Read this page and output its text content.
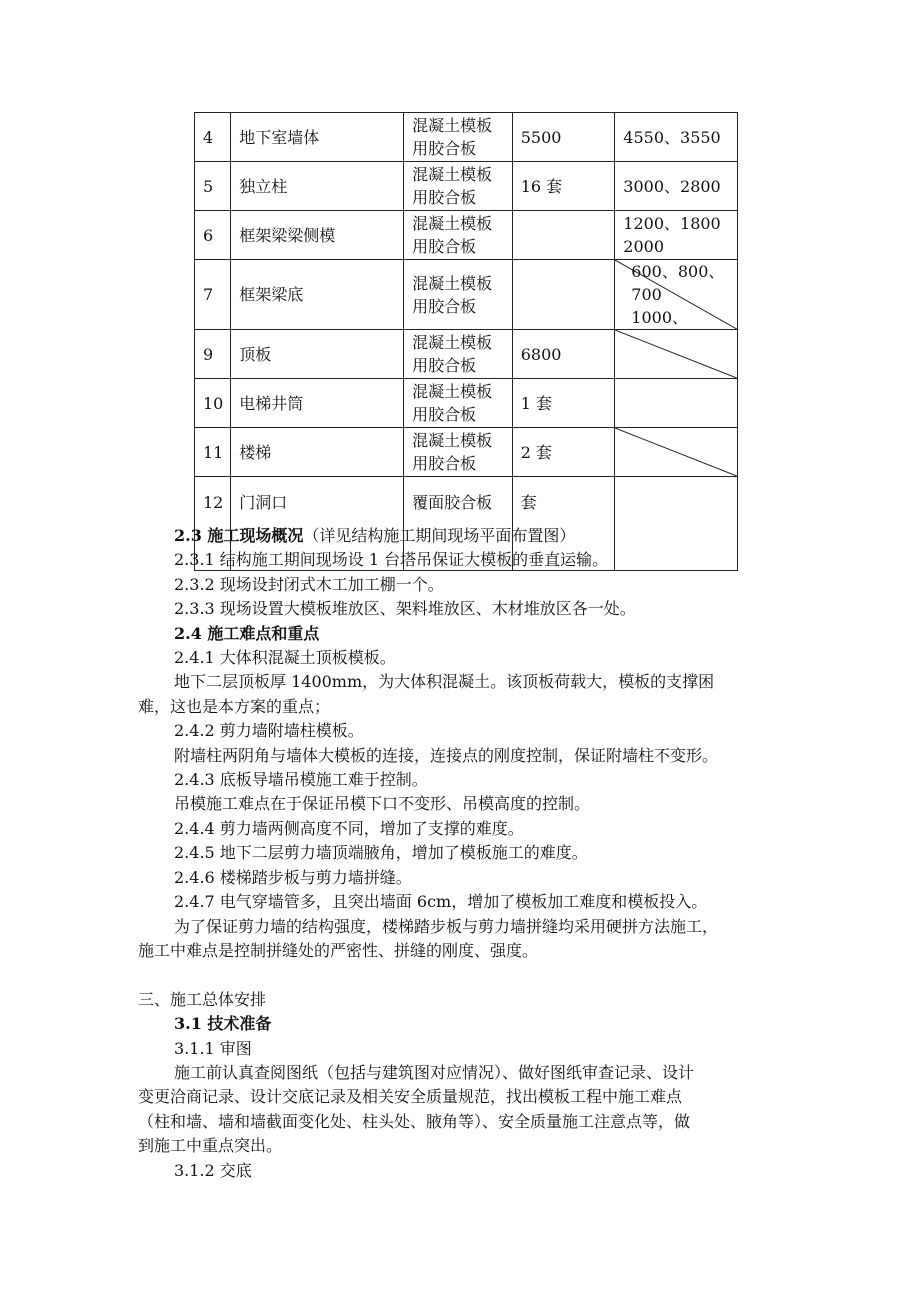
4	地下室墙体	混凝土模板
用胶合板	5500	4550、3550
5	独立柱	混凝土模板
用胶合板	16 套	3000、2800
6	框架梁梁侧模	混凝土模板
用胶合板		1200、1800
2000
7	框架梁底	混凝土模板
用胶合板		600、800、700
1000、

9	顶板	混凝土模板
用胶合板	6800	

10	电梯井筒	混凝土模板
用胶合板	1 套	
11	楼梯	混凝土模板
用胶合板	2 套	

12	门洞口	覆面胶合板	套	
2.3 施工现场概况（详见结构施工期间现场平面布置图）
2.3.1 结构施工期间现场设 1 台塔吊保证大模板的垂直运输。
2.3.2 现场设封闭式木工加工棚一个。
2.3.3 现场设置大模板堆放区、架料堆放区、木材堆放区各一处。
2.4 施工难点和重点
2.4.1 大体积混凝土顶板模板。
地下二层顶板厚 1400mm，为大体积混凝土。该顶板荷载大，模板的支撑困
难，这也是本方案的重点；
2.4.2 剪力墙附墙柱模板。
附墙柱两阴角与墙体大模板的连接，连接点的刚度控制，保证附墙柱不变形。
2.4.3 底板导墙吊模施工难于控制。
吊模施工难点在于保证吊模下口不变形、吊模高度的控制。
2.4.4 剪力墙两侧高度不同，增加了支撑的难度。
2.4.5 地下二层剪力墙顶端腋角，增加了模板施工的难度。
2.4.6 楼梯踏步板与剪力墙拼缝。
2.4.7 电气穿墙管多，且突出墙面 6cm，增加了模板加工难度和模板投入。
为了保证剪力墙的结构强度，楼梯踏步板与剪力墙拼缝均采用硬拼方法施工，
施工中难点是控制拼缝处的严密性、拼缝的刚度、强度。
三、施工总体安排
3.1 技术准备
3.1.1 审图
施工前认真查阅图纸（包括与建筑图对应情况）、做好图纸审查记录、设计
变更洽商记录、设计交底记录及相关安全质量规范，找出模板工程中施工难点
（柱和墙、墙和墙截面变化处、柱头处、腋角等）、安全质量施工注意点等，做
到施工中重点突出。
3.1.2 交底
